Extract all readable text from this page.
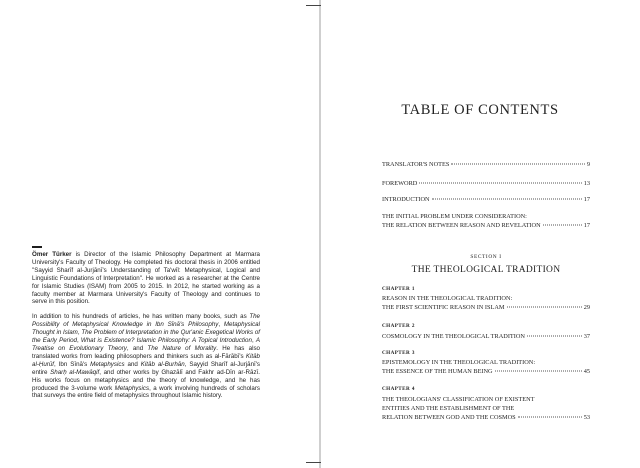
Ömer Türker is Director of the Islamic Philosophy Department at Marmara University's Faculty of Theology. He completed his doctoral thesis in 2006 entitled "Sayyid Sharīf al-Jurjānī's Understanding of Ta'wīl: Metaphysical, Logical and Linguistic Foundations of Interpretation". He worked as a researcher at the Centre for Islamic Studies (ISAM) from 2005 to 2015. In 2012, he started working as a faculty member at Marmara University's Faculty of Theology and continues to serve in this position.

In addition to his hundreds of articles, he has written many books, such as The Possibility of Metaphysical Knowledge in Ibn Sīnā's Philosophy, Metaphysical Thought in Islam, The Problem of Interpretation in the Qur'anic Exegetical Works of the Early Period, What is Existence? Islamic Philosophy: A Topical Introduction, A Treatise on Evolutionary Theory, and The Nature of Morality. He has also translated works from leading philosophers and thinkers such as al-Fārābī's Kitāb al-Ḥurūf, Ibn Sīnā's Metaphysics and Kitāb al-Burhān, Sayyid Sharīf al-Jurjānī's entire Sharḥ al-Mawāqif, and other works by Ghazālī and Fakhr ad-Dīn ar-Rāzī. His works focus on metaphysics and the theory of knowledge, and he has produced the 3-volume work Metaphysics, a work involving hundreds of scholars that surveys the entire field of metaphysics throughout Islamic history.

TABLE OF CONTENTS
TRANSLATOR'S NOTES	9
FOREWORD	13
INTRODUCTION	17
THE INITIAL PROBLEM UNDER CONSIDERATION:
THE RELATION BETWEEN REASON AND REVELATION	17
SECTION I
THE THEOLOGICAL TRADITION
CHAPTER 1
REASON IN THE THEOLOGICAL TRADITION:
THE FIRST SCIENTIFIC REASON IN ISLAM	29
CHAPTER 2
COSMOLOGY IN THE THEOLOGICAL TRADITION	37
CHAPTER 3
EPISTEMOLOGY IN THE THEOLOGICAL TRADITION:
THE ESSENCE OF THE HUMAN BEING	45
CHAPTER 4
THE THEOLOGIANS' CLASSIFICATION OF EXISTENT
ENTITIES AND THE ESTABLISHMENT OF THE
RELATION BETWEEN GOD AND THE COSMOS	53
